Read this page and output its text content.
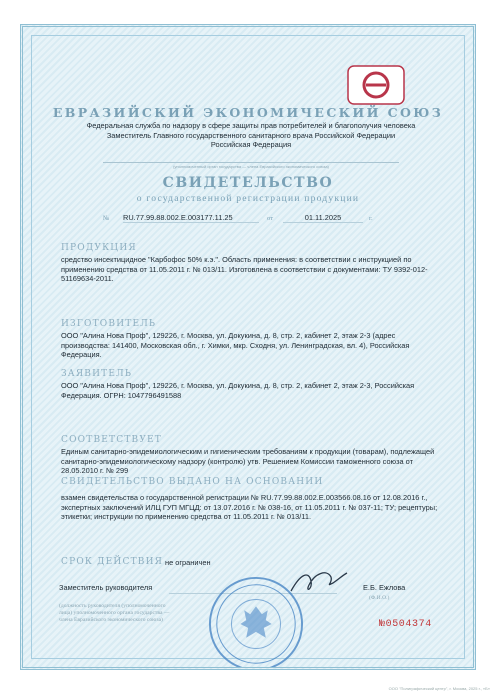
ЕВРАЗИЙСКИЙ ЭКОНОМИЧЕСКИЙ СОЮЗ
Федеральная служба по надзору в сфере защиты прав потребителей и благополучия человека
Заместитель Главного государственного санитарного врача Российской Федерации
Российская Федерация
(уполномоченный орган государства — члена Евразийского экономического союза)
СВИДЕТЕЛЬСТВО
о государственной регистрации продукции
№ RU.77.99.88.002.E.003177.11.25	от	01.11.2025	г.
ПРОДУКЦИЯ
средство инсектицидное "Карбофос 50% к.э.". Область применения: в соответствии с инструкцией по применению средства от 11.05.2011 г. № 013/11. Изготовлена в соответствии с документами: ТУ 9392-012-51169634-2011.
ИЗГОТОВИТЕЛЬ
ООО "Алина Нова Проф", 129226, г. Москва, ул. Докукина, д. 8, стр. 2, кабинет 2, этаж 2-3 (адрес производства: 141400, Московская обл., г. Химки, мкр. Сходня, ул. Ленинградская, вл. 4), Российская Федерация.
ЗАЯВИТЕЛЬ
ООО "Алина Нова Проф", 129226, г. Москва, ул. Докукина, д. 8, стр. 2, кабинет 2, этаж 2-3, Российская Федерация. ОГРН: 1047796491588
СООТВЕТСТВУЕТ
Единым санитарно-эпидемиологическим и гигиеническим требованиям к продукции (товарам), подлежащей санитарно-эпидемиологическому надзору (контролю) утв. Решением Комиссии таможенного союза от 28.05.2010 г. № 299
СВИДЕТЕЛЬСТВО ВЫДАНО НА ОСНОВАНИИ
взамен свидетельства о государственной регистрации № RU.77.99.88.002.E.003566.08.16 от 12.08.2016 г., экспертных заключений ИЛЦ ГУП МГЦД: от 13.07.2016 г. № 038-16, от 11.05.2011 г. № 037-11; ТУ; рецептуры; этикетки; инструкции по применению средства от 11.05.2011 г. № 013/11.
СРОК ДЕЙСТВИЯ не ограничен
Заместитель руководителя	Е.Б. Ежлова
(Ф.И.О.)
(должность руководителя (уполномоченного
лица) уполномоченного органа государства —
члена Евразийского экономического союза)	№0504374
ООО "Полиграфический центр", г. Москва, 2025 г., «Б»
